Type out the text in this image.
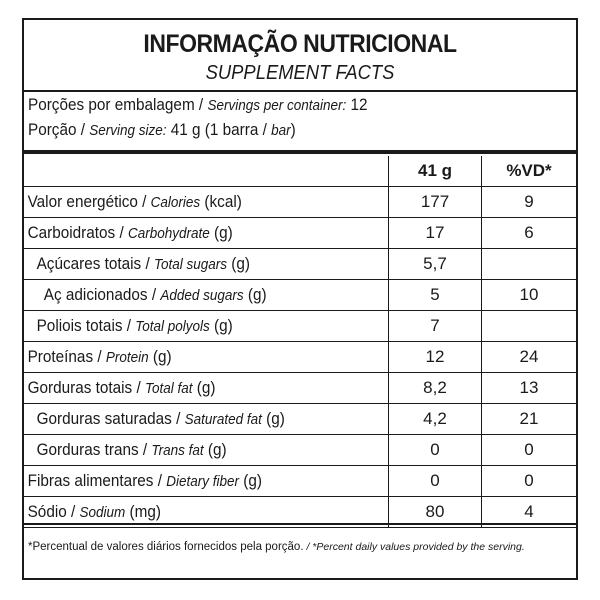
INFORMAÇÃO NUTRICIONAL
SUPPLEMENT FACTS
Porções por embalagem / Servings per container: 12
Porção / Serving size: 41 g (1 barra / bar)
	41 g	%VD*
Valor energético / Calories (kcal)	177	9
Carboidratos / Carbohydrate (g)	17	6
Açúcares totais / Total sugars (g)	5,7	
Aç adicionados / Added sugars (g)	5	10
Poliois totais / Total polyols (g)	7	
Proteínas / Protein (g)	12	24
Gorduras totais / Total fat (g)	8,2	13
Gorduras saturadas / Saturated fat (g)	4,2	21
Gorduras trans / Trans fat (g)	0	0
Fibras alimentares / Dietary fiber (g)	0	0
Sódio / Sodium (mg)	80	4
*Percentual de valores diários fornecidos pela porção. / *Percent daily values provided by the serving.
